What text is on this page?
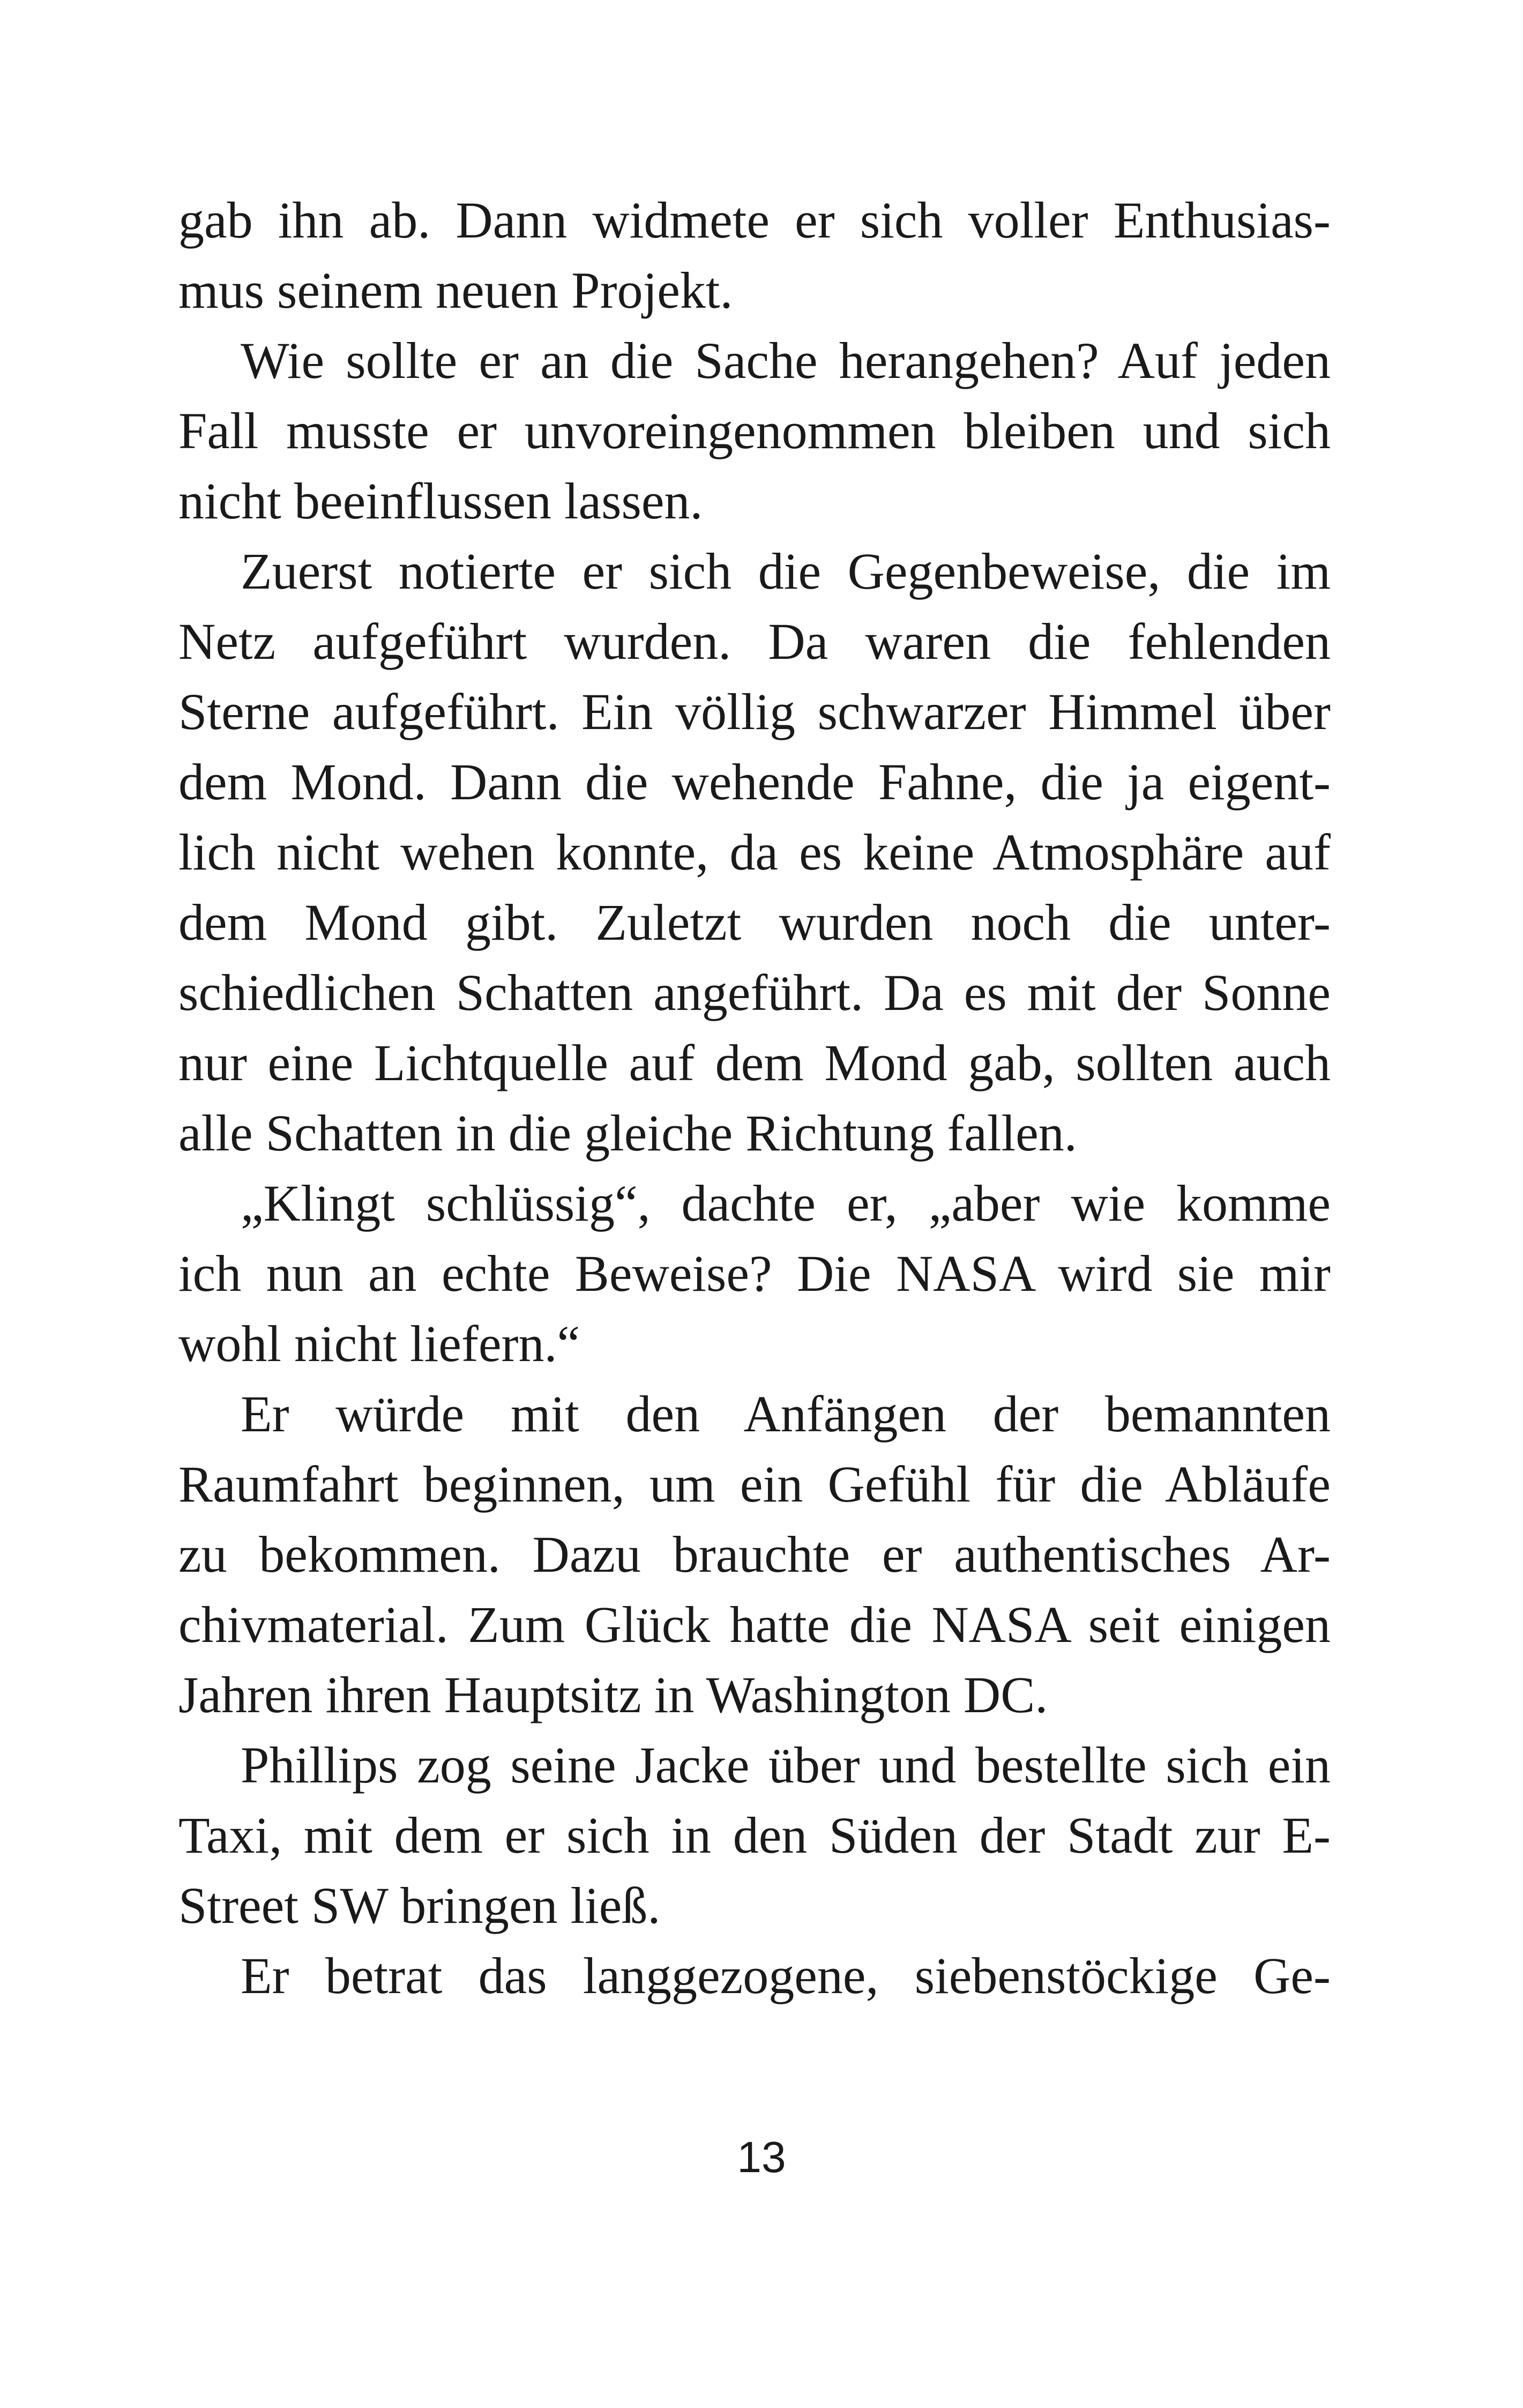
gab ihn ab. Dann widmete er sich voller Enthusias-
mus seinem neuen Projekt.
Wie sollte er an die Sache herangehen? Auf jeden
Fall musste er unvoreingenommen bleiben und sich
nicht beeinflussen lassen.
Zuerst notierte er sich die Gegenbeweise, die im
Netz aufgeführt wurden. Da waren die fehlenden
Sterne aufgeführt. Ein völlig schwarzer Himmel über
dem Mond. Dann die wehende Fahne, die ja eigent-
lich nicht wehen konnte, da es keine Atmosphäre auf
dem Mond gibt. Zuletzt wurden noch die unter-
schiedlichen Schatten angeführt. Da es mit der Sonne
nur eine Lichtquelle auf dem Mond gab, sollten auch
alle Schatten in die gleiche Richtung fallen.
„Klingt schlüssig“, dachte er, „aber wie komme
ich nun an echte Beweise? Die NASA wird sie mir
wohl nicht liefern.“
Er würde mit den Anfängen der bemannten
Raumfahrt beginnen, um ein Gefühl für die Abläufe
zu bekommen. Dazu brauchte er authentisches Ar-
chivmaterial. Zum Glück hatte die NASA seit einigen
Jahren ihren Hauptsitz in Washington DC.
Phillips zog seine Jacke über und bestellte sich ein
Taxi, mit dem er sich in den Süden der Stadt zur E-
Street SW bringen ließ.
Er betrat das langgezogene, siebenstöckige Ge-
13
